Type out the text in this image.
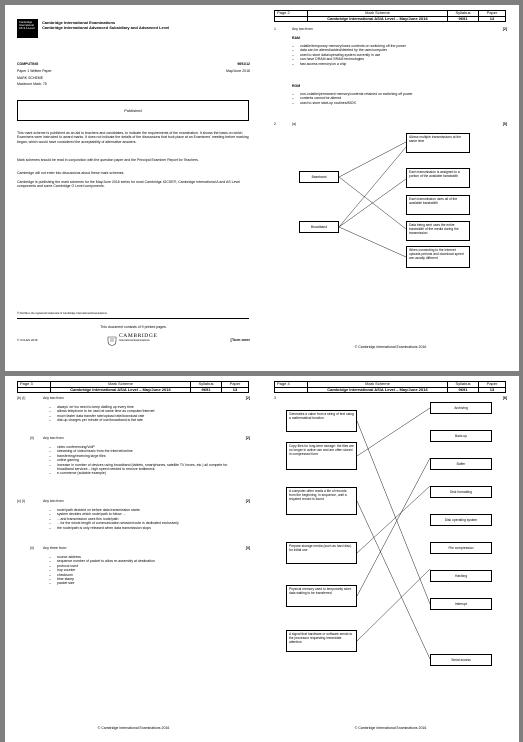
Cambridge International AS & A Level
Cambridge International Examinations
Cambridge International Advanced Subsidiary and Advanced Level
COMPUTING	9691/12
Paper 1 Written Paper	May/June 2016
MARK SCHEME
Maximum Mark: 75
Published
This mark scheme is published as an aid to teachers and candidates, to indicate the requirements of the examination. It shows the basis on which Examiners were instructed to award marks. It does not indicate the details of the discussions that took place at an Examiners' meeting before marking began, which would have considered the acceptability of alternative answers.
Mark schemes should be read in conjunction with the question paper and the Principal Examiner Report for Teachers.
Cambridge will not enter into discussions about these mark schemes.
Cambridge is publishing the mark schemes for the May/June 2016 series for most Cambridge IGCSE®, Cambridge International A and AS Level components and some Cambridge O Level components.
® IGCSE is the registered trademark of Cambridge International Examinations.
This document consists of 9 printed pages.
© UCLES 2016
CAMBRIDGE
International Examinations	[Turn over
Page 2	Mark Scheme	Syllabus	Paper
	Cambridge International AS/A Level – May/June 2016	9691	13
1	Any two from:	[2]
RAM
– volatile/temporary memory/loses contents on switching off the power
– data can be altered/added/deleted by the user/computer
– used to store data/operating system currently in use
– can have DRAM and SRAM technologies
– fast access memory/on a chip
ROM
– non-volatile/permanent memory/contents retained on switching off power
– contents cannot be altered
– used to store start-up routines/BIOS
2	(a)	[5]
Baseband
Broadband
Allows multiple transmissions at the same time
Each transmission is assigned to a portion of the available bandwidth
Each transmission uses all of the available bandwidth
Data being sent uses the entire bandwidth of the media during the transmission
When connecting to the Internet uploads periods and download speed are usually different
© Cambridge International Examinations 2016
Page 3	Mark Scheme	Syllabus	Paper
	Cambridge International AS/A Level – May/June 2016	9691	13
(b) (i)	Any two from:	[2]
– always 'on'/no need to keep dialling up every time
– allows telephone to be used at same time as computer/Internet
– much faster data transfer rate/upload rate/download rate
– dial-up charges per minute of use/broadband is flat rate
(ii)	Any two from:	[2]
– video conferencing/VoIP
– streaming of video/music from the Internet/online
– transferring/receiving large files
– online gaming
– increase in number of devices using broadband (tablets, smartphones, satellite TV boxes, etc.) all compete for broadband services – high speed needed to remove bottleneck
– e-commerce (suitable example)
(c) (i)	Any two from:	[2]
– route/path decided on before data transmission starts
– system decides which route/path to follow …
– …and transmission uses this route/path
– …for the whole length of communication session/route is dedicated exclusively
– the route/path is only released when data transmission stops
(ii)	Any three from:	[3]
– source address
– sequence number of packet to allow re-assembly at destination
– protocol used
– hop counter
– checksum
– time stamp
– packet size
© Cambridge International Examinations 2016
Page 4	Mark Scheme	Syllabus	Paper
	Cambridge International AS/A Level – May/June 2016	9691	13
3	[6]
Generates a value from a string of text using a mathematical function
Copy files for long-term storage: the files are no longer in active use and are often stored in compressed form
A computer often reads a file of records from the beginning, in sequence, until a required record is found
Prepare storage media (such as hard disc) for initial use
Physical memory used to temporarily store data waiting to be transferred
A signal that hardware or software sends to the processor requesting immediate attention
Archiving
Back-up
Buffer
Disk formatting
Disk operating system
File compression
Hashing
Interrupt
Serial access
© Cambridge International Examinations 2016
